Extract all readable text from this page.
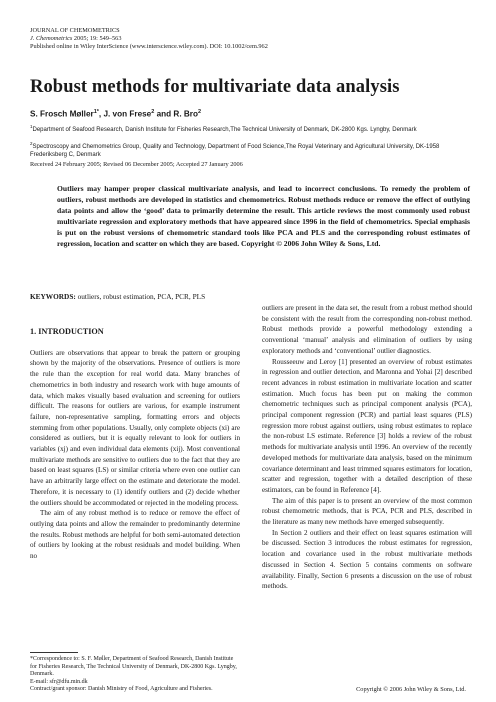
JOURNAL OF CHEMOMETRICS
J. Chemometrics 2005; 19: 549–563
Published online in Wiley InterScience (www.interscience.wiley.com). DOI: 10.1002/cem.962
Robust methods for multivariate data analysis
S. Frosch Møller$^{1*}$, J. von Frese$^2$ and R. Bro$^2$
$^1$Department of Seafood Research, Danish Institute for Fisheries Research,The Technical University of Denmark, DK-2800 Kgs. Lyngby, Denmark
$^2$Spectroscopy and Chemometrics Group, Quality and Technology, Department of Food Science,The Royal Veterinary and Agricultural University, DK-1958 Frederiksberg C, Denmark
Received 24 February 2005; Revised 06 December 2005; Accepted 27 January 2006

Outliers may hamper proper classical multivariate analysis, and lead to incorrect conclusions. To remedy the problem of outliers, robust methods are developed in statistics and chemometrics. Robust methods reduce or remove the effect of outlying data points and allow the ‘good’ data to primarily determine the result. This article reviews the most commonly used robust multivariate regression and exploratory methods that have appeared since 1996 in the field of chemometrics. Special emphasis is put on the robust versions of chemometric standard tools like PCA and PLS and the corresponding robust estimates of regression, location and scatter on which they are based. Copyright © 2006 John Wiley & Sons, Ltd.

KEYWORDS: outliers, robust estimation, PCA, PCR, PLS
1. INTRODUCTION

Outliers are observations that appear to break the pattern or grouping shown by the majority of the observations. Presence of outliers is more the rule than the exception for real world data. Many branches of chemometrics in both industry and research work with huge amounts of data, which makes visually based evaluation and screening for outliers difficult. The reasons for outliers are various, for example instrument failure, non-representative sampling, formatting errors and objects stemming from other populations. Usually, only complete objects (xi) are considered as outliers, but it is equally relevant to look for outliers in variables (xj) and even individual data elements (xij). Most conventional multivariate methods are sensitive to outliers due to the fact that they are based on least squares (LS) or similar criteria where even one outlier can have an arbitrarily large effect on the estimate and deteriorate the model. Therefore, it is necessary to (1) identify outliers and (2) decide whether the outliers should be accommodated or rejected in the modeling process.

The aim of any robust method is to reduce or remove the effect of outlying data points and allow the remainder to predominantly determine the results. Robust methods are helpful for both semi-automated detection of outliers by looking at the robust residuals and model building. When no

outliers are present in the data set, the result from a robust method should be consistent with the result from the corresponding non-robust method. Robust methods provide a powerful methodology extending a conventional ‘manual’ analysis and elimination of outliers by using exploratory methods and ‘conventional’ outlier diagnostics.

Rousseeuw and Leroy [1] presented an overview of robust estimates in regression and outlier detection, and Maronna and Yohai [2] described recent advances in robust estimation in multivariate location and scatter estimation. Much focus has been put on making the common chemometric techniques such as principal component analysis (PCA), principal component regression (PCR) and partial least squares (PLS) regression more robust against outliers, using robust estimates to replace the non-robust LS estimate. Reference [3] holds a review of the robust methods for multivariate analysis until 1996. An overview of the recently developed methods for multivariate data analysis, based on the minimum covariance determinant and least trimmed squares estimators for location, scatter and regression, together with a detailed description of these estimators, can be found in Reference [4].

The aim of this paper is to present an overview of the most common robust chemometric methods, that is PCA, PCR and PLS, described in the literature as many new methods have emerged subsequently.

In Section 2 outliers and their effect on least squares estimation will be discussed. Section 3 introduces the robust estimates for regression, location and covariance used in the robust multivariate methods discussed in Section 4. Section 5 contains comments on software availability. Finally, Section 6 presents a discussion on the use of robust methods.

*Correspondence to: S. F. Møller, Department of Seafood Research, Danish Institute for Fisheries Research, The Technical University of Denmark, DK-2800 Kgs. Lyngby, Denmark.
E-mail: sfr@dfu.min.dk
Contract/grant sponsor: Danish Ministry of Food, Agriculture and Fisheries.	Copyright © 2006 John Wiley & Sons, Ltd.
